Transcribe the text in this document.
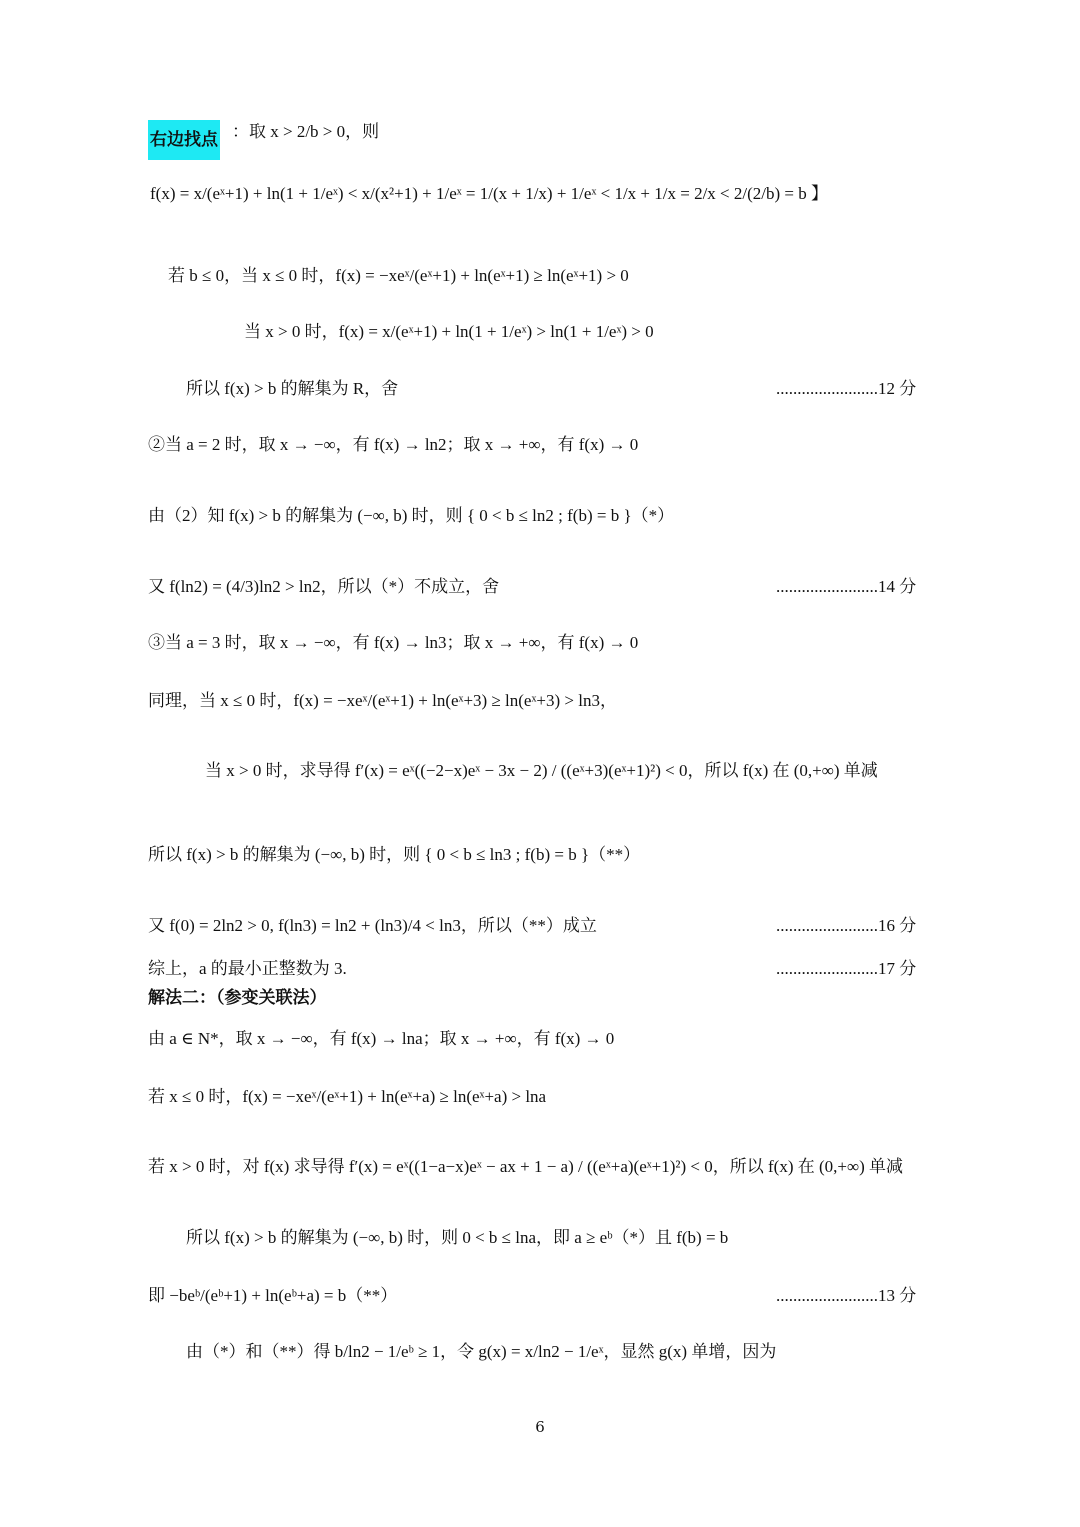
右边找点 ：取 x > 2/b > 0，则
f(x) = x/(eˣ+1) + ln(1 + 1/eˣ) < x/(x²+1) + 1/eˣ = 1/(x + 1/x) + 1/eˣ < 1/x + 1/x = 2/x < 2/(2/b) = b 】
若 b ≤ 0，当 x ≤ 0 时，f(x) = −xeˣ/(eˣ+1) + ln(eˣ+1) ≥ ln(eˣ+1) > 0
当 x > 0 时，f(x) = x/(eˣ+1) + ln(1 + 1/eˣ) > ln(1 + 1/eˣ) > 0
所以 f(x) > b 的解集为 R，舍	........................12 分
②当 a = 2 时，取 x → −∞，有 f(x) → ln2；取 x → +∞，有 f(x) → 0
由（2）知 f(x) > b 的解集为 (−∞, b) 时，则 { 0 < b ≤ ln2 ; f(b) = b }（*）
又 f(ln2) = (4/3)ln2 > ln2，所以（*）不成立，舍	........................14 分
③当 a = 3 时，取 x → −∞，有 f(x) → ln3；取 x → +∞，有 f(x) → 0
同理，当 x ≤ 0 时，f(x) = −xeˣ/(eˣ+1) + ln(eˣ+3) ≥ ln(eˣ+3) > ln3，
当 x > 0 时，求导得 f′(x) = eˣ((−2−x)eˣ − 3x − 2) / ((eˣ+3)(eˣ+1)²) < 0，所以 f(x) 在 (0,+∞) 单减
所以 f(x) > b 的解集为 (−∞, b) 时，则 { 0 < b ≤ ln3 ; f(b) = b }（**）
又 f(0) = 2ln2 > 0, f(ln3) = ln2 + (ln3)/4 < ln3，所以（**）成立	........................16 分
综上，a 的最小正整数为 3.	........................17 分
解法二：（参变关联法）
由 a ∈ N*，取 x → −∞，有 f(x) → lna；取 x → +∞，有 f(x) → 0
若 x ≤ 0 时，f(x) = −xeˣ/(eˣ+1) + ln(eˣ+a) ≥ ln(eˣ+a) > lna
若 x > 0 时，对 f(x) 求导得 f′(x) = eˣ((1−a−x)eˣ − ax + 1 − a) / ((eˣ+a)(eˣ+1)²) < 0，所以 f(x) 在 (0,+∞) 单减
所以 f(x) > b 的解集为 (−∞, b) 时，则 0 < b ≤ lna，即 a ≥ eᵇ（*）且 f(b) = b
即 −beᵇ/(eᵇ+1) + ln(eᵇ+a) = b（**）	........................13 分
由（*）和（**）得 b/ln2 − 1/eᵇ ≥ 1，令 g(x) = x/ln2 − 1/eˣ，显然 g(x) 单增，因为
6
